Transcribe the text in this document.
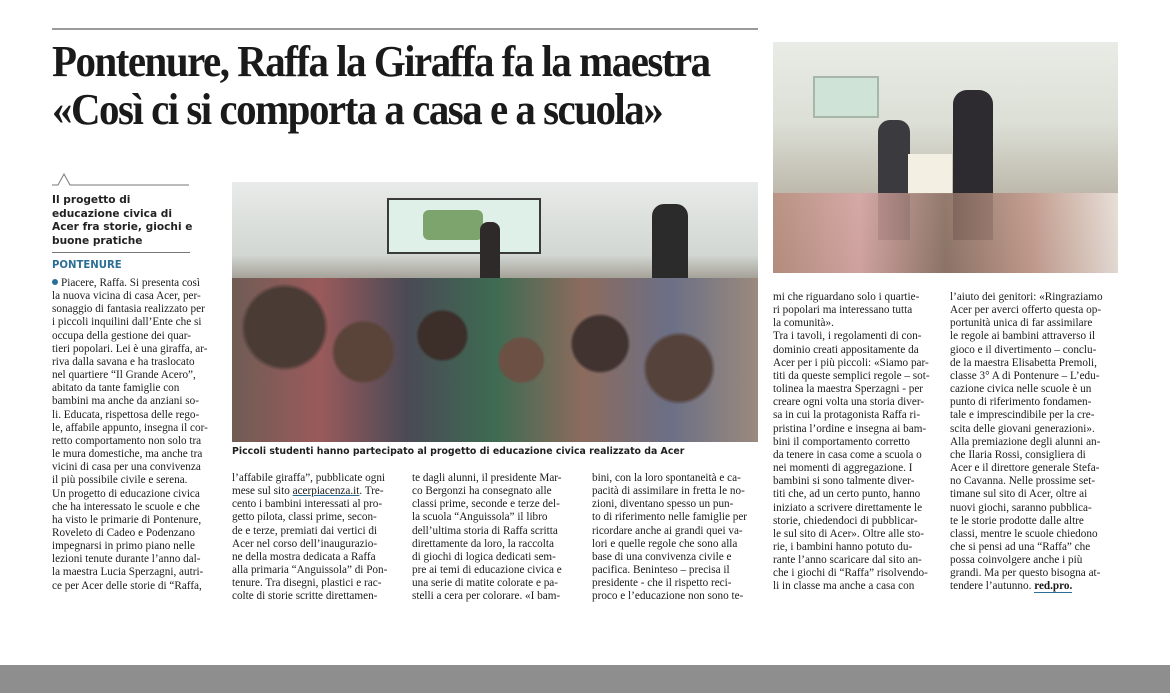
Pontenure, Raffa la Giraffa fa la maestra
«Così ci si comporta a casa e a scuola»
Il progetto di educazione civica di Acer fra storie, giochi e buone pratiche
PONTENURE
Piacere, Raffa. Si presenta così
la nuova vicina di casa Acer, per-
sonaggio di fantasia realizzato per
i piccoli inquilini dall’Ente che si
occupa della gestione dei quar-
tieri popolari. Lei è una giraffa, ar-
riva dalla savana e ha traslocato
nel quartiere “Il Grande Acero”,
abitato da tante famiglie con
bambini ma anche da anziani so-
li. Educata, rispettosa delle rego-
le, affabile appunto, insegna il cor-
retto comportamento non solo tra
le mura domestiche, ma anche tra
vicini di casa per una convivenza
il più possibile civile e serena.
Un progetto di educazione civica
che ha interessato le scuole e che
ha visto le primarie di Pontenure,
Roveleto di Cadeo e Podenzano
impegnarsi in primo piano nelle
lezioni tenute durante l’anno dal-
la maestra Lucia Sperzagni, autri-
ce per Acer delle storie di “Raffa,
Piccoli studenti hanno partecipato al progetto di educazione civica realizzato da Acer
l’affabile giraffa”, pubblicate ogni
mese sul sito acerpiacenza.it. Tre-
cento i bambini interessati al pro-
getto pilota, classi prime, secon-
de e terze, premiati dai vertici di
Acer nel corso dell’inaugurazio-
ne della mostra dedicata a Raffa
alla primaria “Anguissola” di Pon-
tenure. Tra disegni, plastici e rac-
colte di storie scritte direttamen-
te dagli alunni, il presidente Mar-
co Bergonzi ha consegnato alle
classi prime, seconde e terze del-
la scuola “Anguissola” il libro
dell’ultima storia di Raffa scritta
direttamente da loro, la raccolta
di giochi di logica dedicati sem-
pre ai temi di educazione civica e
una serie di matite colorate e pa-
stelli a cera per colorare. «I bam-
bini, con la loro spontaneità e ca-
pacità di assimilare in fretta le no-
zioni, diventano spesso un pun-
to di riferimento nelle famiglie per
ricordare anche ai grandi quei va-
lori e quelle regole che sono alla
base di una convivenza civile e
pacifica. Beninteso – precisa il
presidente - che il rispetto reci-
proco e l’educazione non sono te-
mi che riguardano solo i quartie-
ri popolari ma interessano tutta
la comunità».
Tra i tavoli, i regolamenti di con-
dominio creati appositamente da
Acer per i più piccoli: «Siamo par-
titi da queste semplici regole – sot-
tolinea la maestra Sperzagni - per
creare ogni volta una storia diver-
sa in cui la protagonista Raffa ri-
pristina l’ordine e insegna ai bam-
bini il comportamento corretto
da tenere in casa come a scuola o
nei momenti di aggregazione. I
bambini si sono talmente diver-
titi che, ad un certo punto, hanno
iniziato a scrivere direttamente le
storie, chiedendoci di pubblicar-
le sul sito di Acer». Oltre alle sto-
rie, i bambini hanno potuto du-
rante l’anno scaricare dal sito an-
che i giochi di “Raffa” risolvendo-
li in classe ma anche a casa con
l’aiuto dei genitori: «Ringraziamo
Acer per averci offerto questa op-
portunità unica di far assimilare
le regole ai bambini attraverso il
gioco e il divertimento – conclu-
de la maestra Elisabetta Premoli,
classe 3° A di Pontenure – L’edu-
cazione civica nelle scuole è un
punto di riferimento fondamen-
tale e imprescindibile per la cre-
scita delle giovani generazioni».
Alla premiazione degli alunni an-
che Ilaria Rossi, consigliera di
Acer e il direttore generale Stefa-
no Cavanna. Nelle prossime set-
timane sul sito di Acer, oltre ai
nuovi giochi, saranno pubblica-
te le storie prodotte dalle altre
classi, mentre le scuole chiedono
che si pensi ad una “Raffa” che
possa coinvolgere anche i più
grandi. Ma per questo bisogna at-
tendere l’autunno. red.pro.
